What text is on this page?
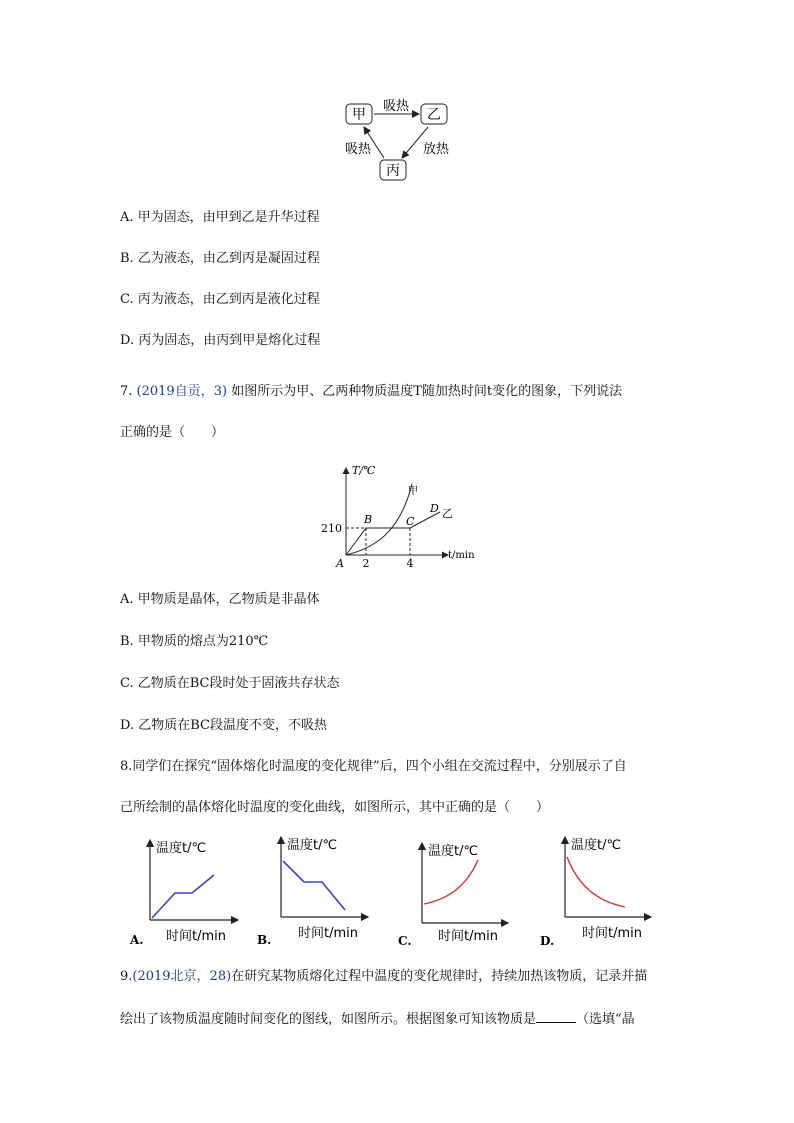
甲	乙
丙
吸热
放热
吸热
A. 甲为固态，由甲到乙是升华过程
B. 乙为液态，由乙到丙是凝固过程
C. 丙为液态，由乙到丙是液化过程
D. 丙为固态，由丙到甲是熔化过程
7. (2019自贡，3) 如图所示为甲、乙两种物质温度T随加热时间t变化的图象，下列说法
正确的是（　　）
T/℃
t/min
210
2	4
A
B	C
D
甲
乙
A. 甲物质是晶体，乙物质是非晶体
B. 甲物质的熔点为210℃
C. 乙物质在BC段时处于固液共存状态
D. 乙物质在BC段温度不变，不吸热
8.同学们在探究“固体熔化时温度的变化规律”后，四个小组在交流过程中，分别展示了自
己所绘制的晶体熔化时温度的变化曲线，如图所示，其中正确的是（　　）
温度t/℃
时间t/min
A.
温度t/℃
时间t/min
B.
温度t/℃
时间t/min
C.
温度t/℃
时间t/min
D.
9.(2019北京，28)在研究某物质熔化过程中温度的变化规律时，持续加热该物质，记录并描
绘出了该物质温度随时间变化的图线，如图所示。根据图象可知该物质是	（选填“晶
